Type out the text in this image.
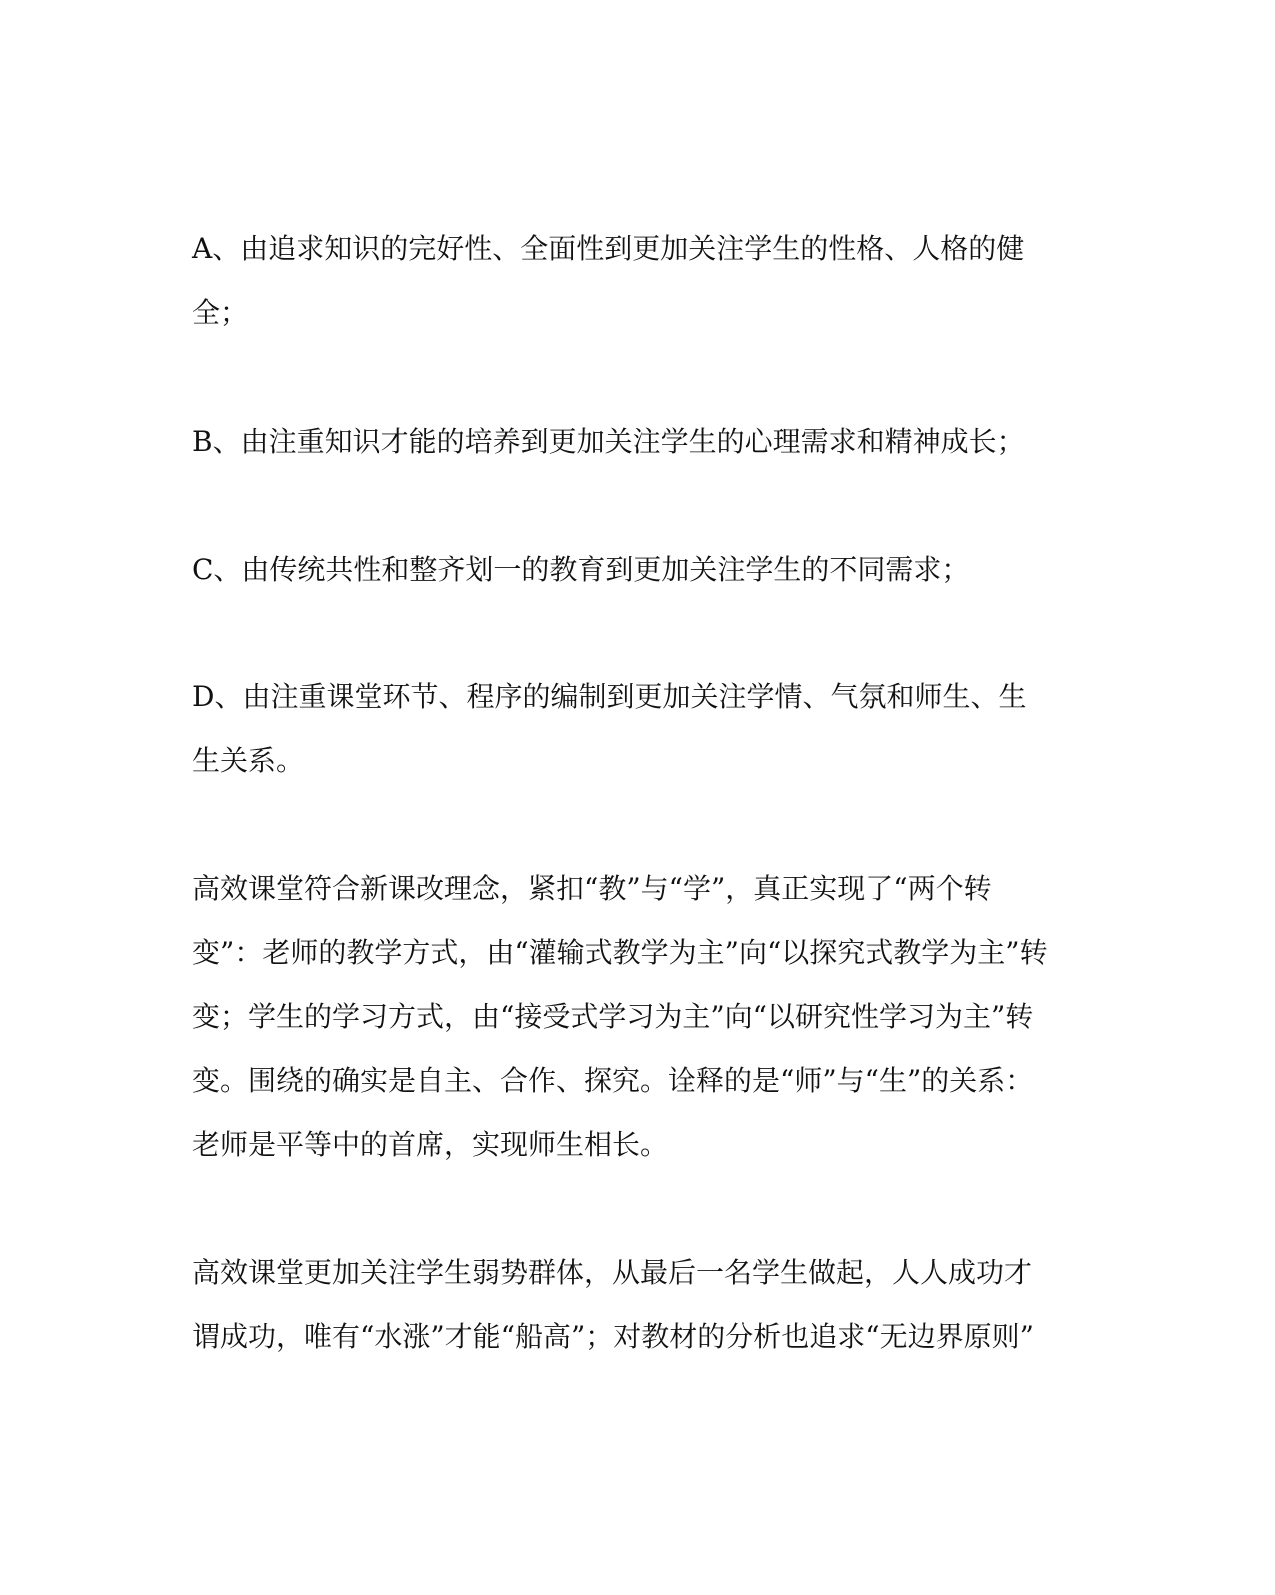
A、由追求知识的完好性、全面性到更加关注学生的性格、人格的健全；

B、由注重知识才能的培养到更加关注学生的心理需求和精神成长；

C、由传统共性和整齐划一的教育到更加关注学生的不同需求；

D、由注重课堂环节、程序的编制到更加关注学情、气氛和师生、生生关系。

高效课堂符合新课改理念，紧扣“教”与“学”，真正实现了“两个转变”：老师的教学方式，由“灌输式教学为主”向“以探究式教学为主”转变；学生的学习方式，由“接受式学习为主”向“以研究性学习为主”转变。围绕的确实是自主、合作、探究。诠释的是“师”与“生”的关系：老师是平等中的首席，实现师生相长。

高效课堂更加关注学生弱势群体，从最后一名学生做起，人人成功才谓成功，唯有“水涨”才能“船高”；对教材的分析也追求“无边界原则”
